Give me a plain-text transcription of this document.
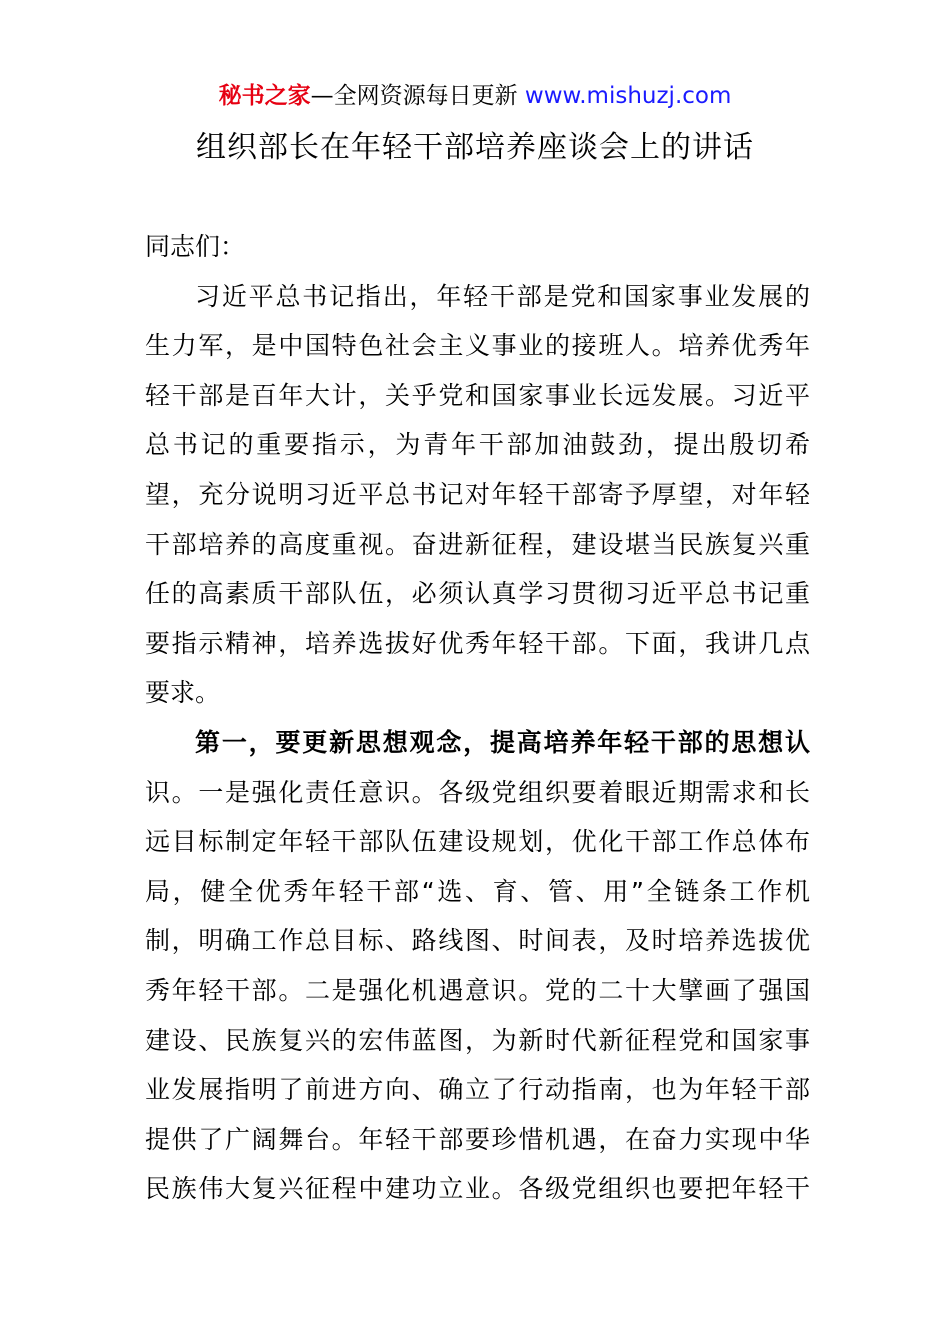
秘书之家—全网资源每日更新 www.mishuzj.com
组织部长在年轻干部培养座谈会上的讲话
同志们：
习近平总书记指出，年轻干部是党和国家事业发展的
生力军，是中国特色社会主义事业的接班人。培养优秀年
轻干部是百年大计，关乎党和国家事业长远发展。习近平
总书记的重要指示，为青年干部加油鼓劲，提出殷切希
望，充分说明习近平总书记对年轻干部寄予厚望，对年轻
干部培养的高度重视。奋进新征程，建设堪当民族复兴重
任的高素质干部队伍，必须认真学习贯彻习近平总书记重
要指示精神，培养选拔好优秀年轻干部。下面，我讲几点
要求。
第一，要更新思想观念，提高培养年轻干部的思想认
识。一是强化责任意识。各级党组织要着眼近期需求和长
远目标制定年轻干部队伍建设规划，优化干部工作总体布
局，健全优秀年轻干部“选、育、管、用”全链条工作机
制，明确工作总目标、路线图、时间表，及时培养选拔优
秀年轻干部。二是强化机遇意识。党的二十大擘画了强国
建设、民族复兴的宏伟蓝图，为新时代新征程党和国家事
业发展指明了前进方向、确立了行动指南，也为年轻干部
提供了广阔舞台。年轻干部要珍惜机遇，在奋力实现中华
民族伟大复兴征程中建功立业。各级党组织也要把年轻干
